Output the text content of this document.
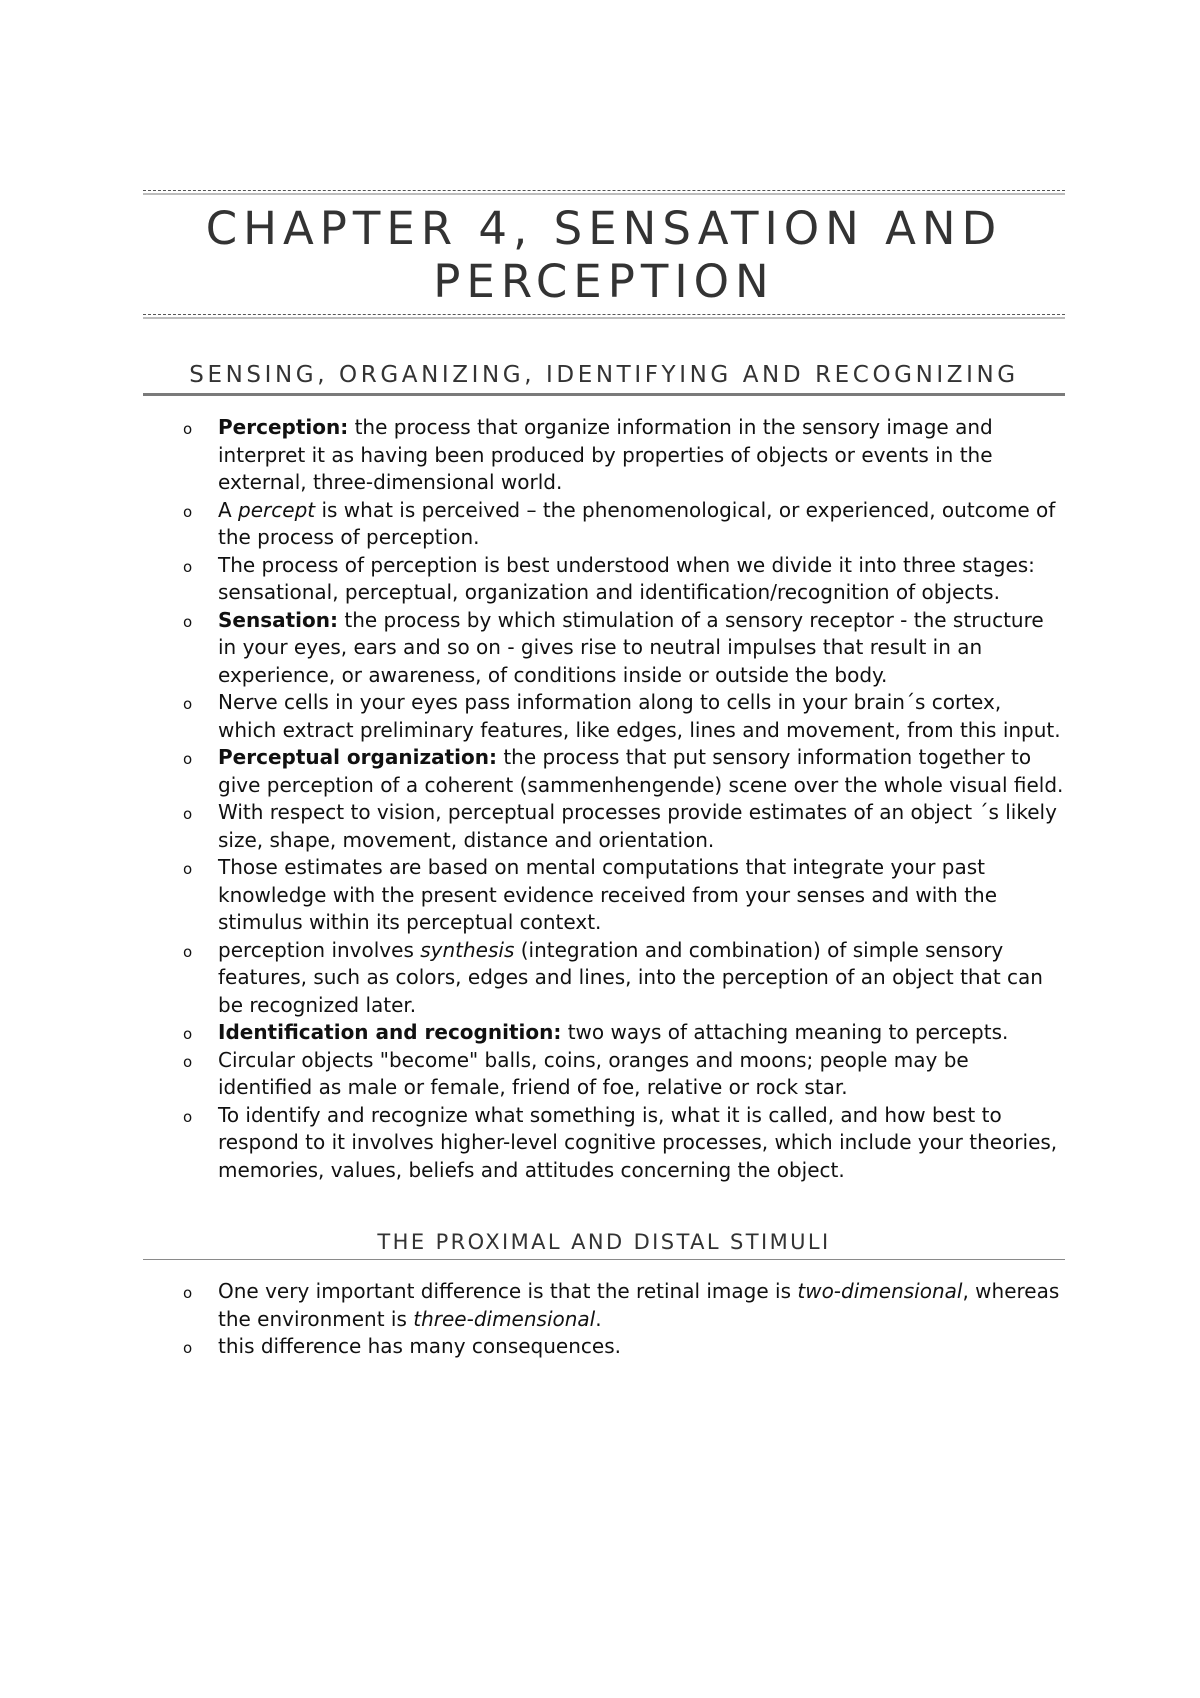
CHAPTER 4, SENSATION AND
PERCEPTION
SENSING, ORGANIZING, IDENTIFYING AND RECOGNIZING
o Perception: the process that organize information in the sensory image and interpret it as having been produced by properties of objects or events in the external, three-dimensional world.
o A percept is what is perceived – the phenomenological, or experienced, outcome of the process of perception.
o The process of perception is best understood when we divide it into three stages: sensational, perceptual, organization and identification/recognition of objects.
o Sensation: the process by which stimulation of a sensory receptor - the structure in your eyes, ears and so on - gives rise to neutral impulses that result in an experience, or awareness, of conditions inside or outside the body.
o Nerve cells in your eyes pass information along to cells in your brain´s cortex, which extract preliminary features, like edges, lines and movement, from this input.
o Perceptual organization: the process that put sensory information together to give perception of a coherent (sammenhengende) scene over the whole visual field.
o With respect to vision, perceptual processes provide estimates of an object ´s likely size, shape, movement, distance and orientation.
o Those estimates are based on mental computations that integrate your past knowledge with the present evidence received from your senses and with the stimulus within its perceptual context.
o perception involves synthesis (integration and combination) of simple sensory features, such as colors, edges and lines, into the perception of an object that can be recognized later.
o Identification and recognition: two ways of attaching meaning to percepts.
o Circular objects "become" balls, coins, oranges and moons; people may be identified as male or female, friend of foe, relative or rock star.
o To identify and recognize what something is, what it is called, and how best to respond to it involves higher-level cognitive processes, which include your theories, memories, values, beliefs and attitudes concerning the object.
THE PROXIMAL AND DISTAL STIMULI
o One very important difference is that the retinal image is two-dimensional, whereas the environment is three-dimensional.
o this difference has many consequences.
